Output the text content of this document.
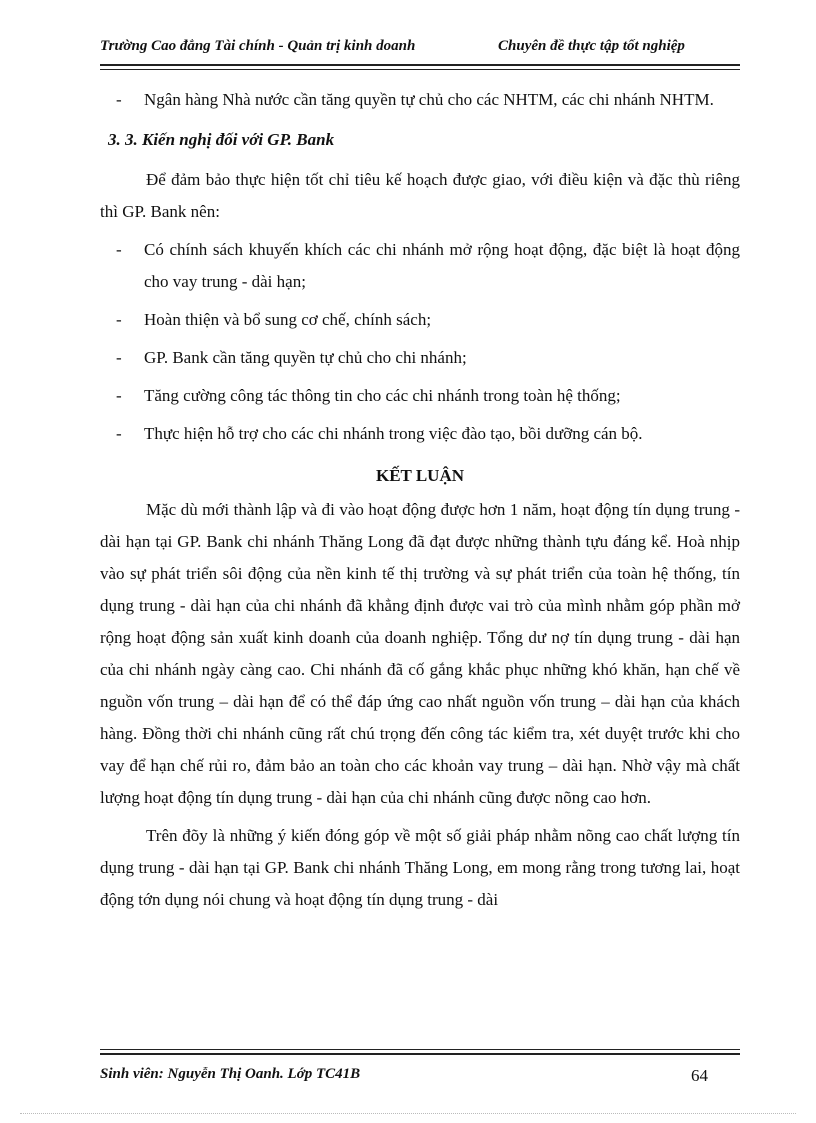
Trường Cao đẳng Tài chính - Quản trị kinh doanh	Chuyên đề thực tập tốt nghiệp
-	Ngân hàng Nhà nước cần tăng quyền tự chủ cho các NHTM, các chi nhánh NHTM.
3. 3. Kiến nghị đối với GP. Bank
Để đảm bảo thực hiện tốt chỉ tiêu kế hoạch được giao, với điều kiện và đặc thù riêng thì GP. Bank nên:
-	Có chính sách khuyến khích các chi nhánh mở rộng hoạt động, đặc biệt là hoạt động cho vay trung - dài hạn;
-	Hoàn thiện và bổ sung cơ chế, chính sách;
-	GP. Bank cần tăng quyền tự chủ cho chi nhánh;
-	Tăng cường công tác thông tin cho các chi nhánh trong toàn hệ thống;
-	Thực hiện hỗ trợ cho các chi nhánh trong việc đào tạo, bồi dưỡng cán bộ.
KẾT LUẬN
Mặc dù mới thành lập và đi vào hoạt động được hơn 1 năm, hoạt động tín dụng trung - dài hạn tại GP. Bank chi nhánh Thăng Long đã đạt được những thành tựu đáng kể. Hoà nhịp vào sự phát triển sôi động của nền kinh tế thị trường và sự phát triển của toàn hệ thống, tín dụng trung - dài hạn của chi nhánh đã khẳng định được vai trò của mình nhằm góp phần mở rộng hoạt động sản xuất kinh doanh của doanh nghiệp. Tổng dư nợ tín dụng trung - dài hạn của chi nhánh ngày càng cao. Chi nhánh đã cố gắng khắc phục những khó khăn, hạn chế về nguồn vốn trung – dài hạn để có thể đáp ứng cao nhất nguồn vốn trung – dài hạn của khách hàng. Đồng thời chi nhánh cũng rất chú trọng đến công tác kiểm tra, xét duyệt trước khi cho vay để hạn chế rủi ro, đảm bảo an toàn cho các khoản vay trung – dài hạn. Nhờ vậy mà chất lượng hoạt động tín dụng trung - dài hạn của chi nhánh cũng được nõng cao hơn.
Trên đõy là những ý kiến đóng góp về một số giải pháp nhằm nõng cao chất lượng tín dụng trung - dài hạn tại GP. Bank chi nhánh Thăng Long, em mong rằng trong tương lai, hoạt động tớn dụng nói chung và hoạt động tín dụng trung - dài
Sinh viên: Nguyễn Thị Oanh. Lớp TC41B	64
